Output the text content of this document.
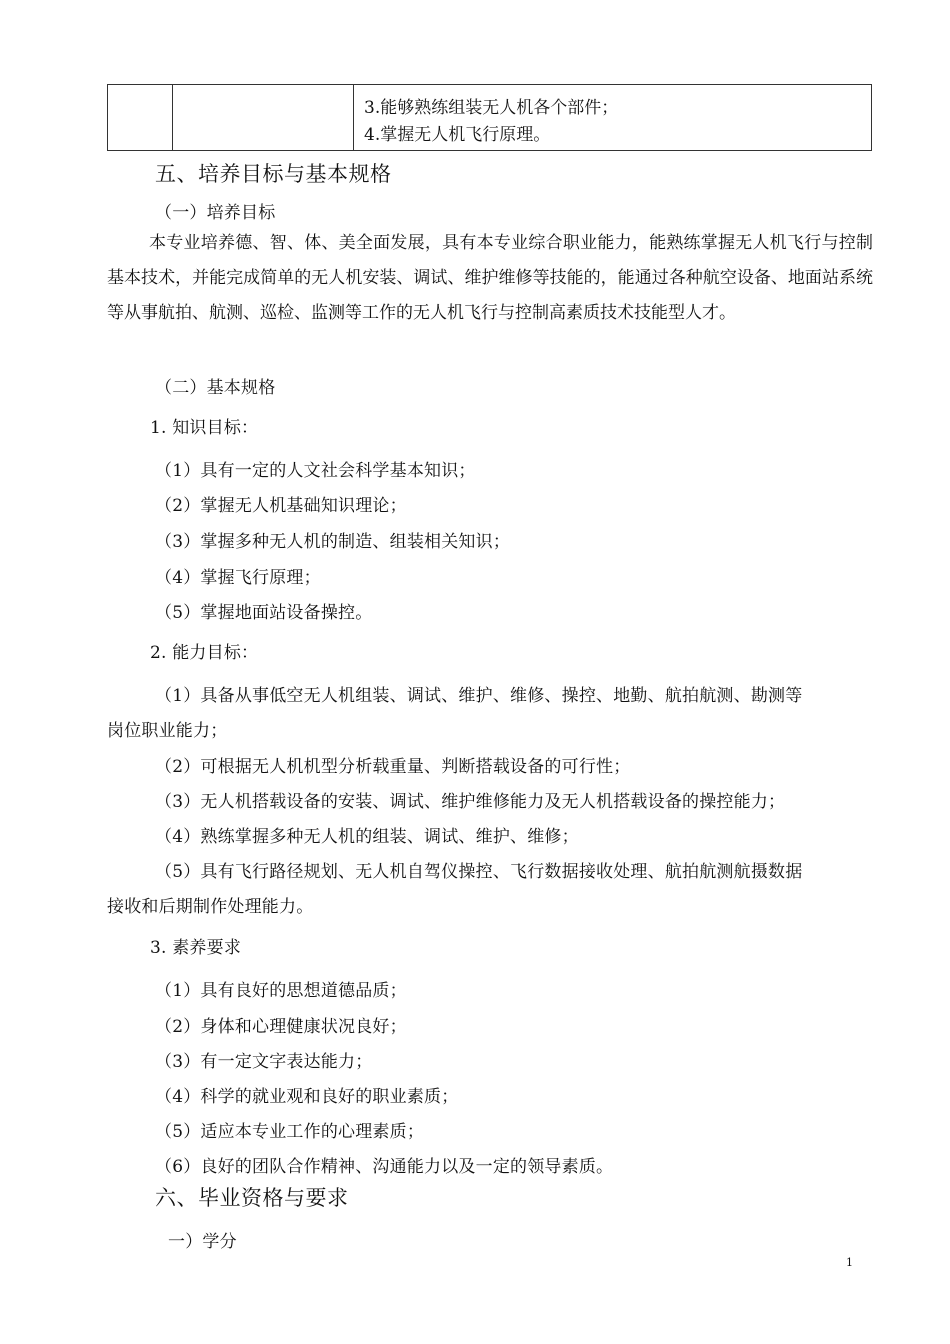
3.能够熟练组装无人机各个部件；
4.掌握无人机飞行原理。
五、培养目标与基本规格
（一）培养目标
本专业培养德、智、体、美全面发展，具有本专业综合职业能力，能熟练掌握无人机飞行与控制基本技术，并能完成简单的无人机安装、调试、维护维修等技能的，能通过各种航空设备、地面站系统等从事航拍、航测、巡检、监测等工作的无人机飞行与控制高素质技术技能型人才。
（二）基本规格
1. 知识目标：
（1）具有一定的人文社会科学基本知识；
（2）掌握无人机基础知识理论；
（3）掌握多种无人机的制造、组装相关知识；
（4）掌握飞行原理；
（5）掌握地面站设备操控。
2. 能力目标：
（1）具备从事低空无人机组装、调试、维护、维修、操控、地勤、航拍航测、勘测等
岗位职业能力；
（2）可根据无人机机型分析载重量、判断搭载设备的可行性；
（3）无人机搭载设备的安装、调试、维护维修能力及无人机搭载设备的操控能力；
（4）熟练掌握多种无人机的组装、调试、维护、维修；
（5）具有飞行路径规划、无人机自驾仪操控、飞行数据接收处理、航拍航测航摄数据
接收和后期制作处理能力。
3. 素养要求
（1）具有良好的思想道德品质；
（2）身体和心理健康状况良好；
（3）有一定文字表达能力；
（4）科学的就业观和良好的职业素质；
（5）适应本专业工作的心理素质；
（6）良好的团队合作精神、沟通能力以及一定的领导素质。
六、毕业资格与要求
一）学分
1
